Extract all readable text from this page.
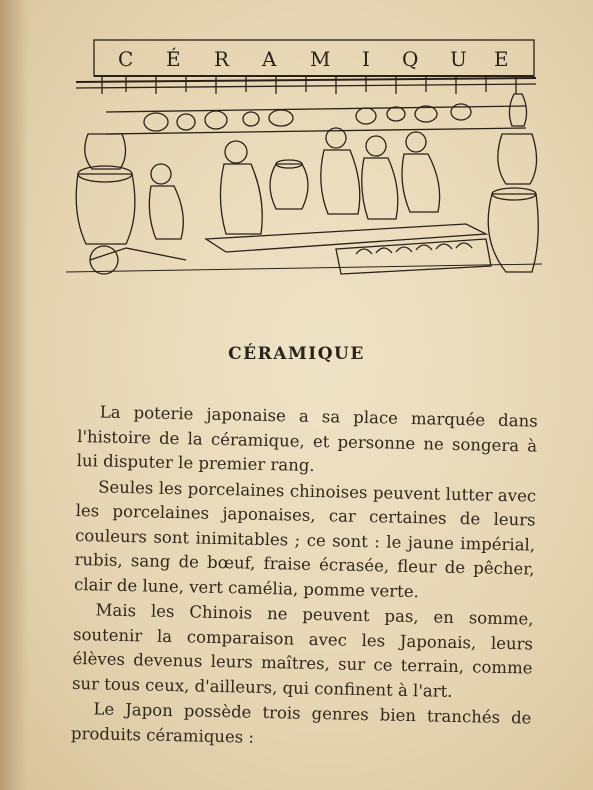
C É R A M I Q U E
CÉRAMIQUE

La poterie japonaise a sa place marquée dans l'histoire de la céramique, et personne ne songera à lui disputer le premier rang.

Seules les porcelaines chinoises peuvent lutter avec les porcelaines japonaises, car certaines de leurs couleurs sont inimitables ; ce sont : le jaune impérial, rubis, sang de bœuf, fraise écrasée, fleur de pêcher, clair de lune, vert camélia, pomme verte.

Mais les Chinois ne peuvent pas, en somme, soutenir la comparaison avec les Japonais, leurs élèves devenus leurs maîtres, sur ce terrain, comme sur tous ceux, d'ailleurs, qui confinent à l'art.

Le Japon possède trois genres bien tranchés de produits céramiques :
